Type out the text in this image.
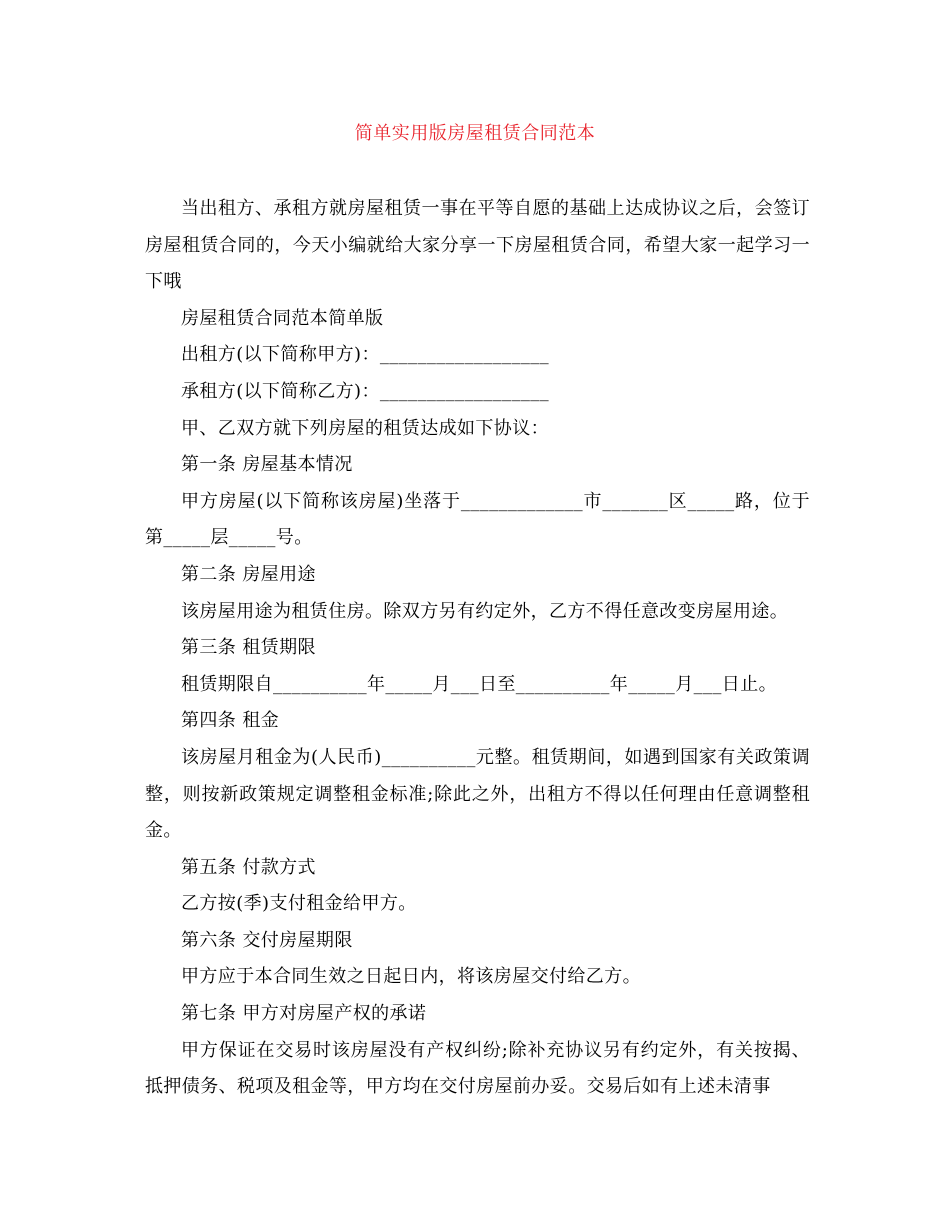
简单实用版房屋租赁合同范本

当出租方、承租方就房屋租赁一事在平等自愿的基础上达成协议之后，会签订房屋租赁合同的，今天小编就给大家分享一下房屋租赁合同，希望大家一起学习一下哦

房屋租赁合同范本简单版

出租方(以下简称甲方)：__________________

承租方(以下简称乙方)：__________________

甲、乙双方就下列房屋的租赁达成如下协议：

第一条 房屋基本情况

甲方房屋(以下简称该房屋)坐落于_____________市_______区_____路，位于第_____层_____号。

第二条 房屋用途

该房屋用途为租赁住房。除双方另有约定外，乙方不得任意改变房屋用途。

第三条 租赁期限

租赁期限自__________年_____月___日至__________年_____月___日止。

第四条 租金

该房屋月租金为(人民币)__________元整。租赁期间，如遇到国家有关政策调整，则按新政策规定调整租金标准;除此之外，出租方不得以任何理由任意调整租金。

第五条 付款方式

乙方按(季)支付租金给甲方。

第六条 交付房屋期限

甲方应于本合同生效之日起日内，将该房屋交付给乙方。

第七条 甲方对房屋产权的承诺

甲方保证在交易时该房屋没有产权纠纷;除补充协议另有约定外，有关按揭、抵押债务、税项及租金等，甲方均在交付房屋前办妥。交易后如有上述未清事
